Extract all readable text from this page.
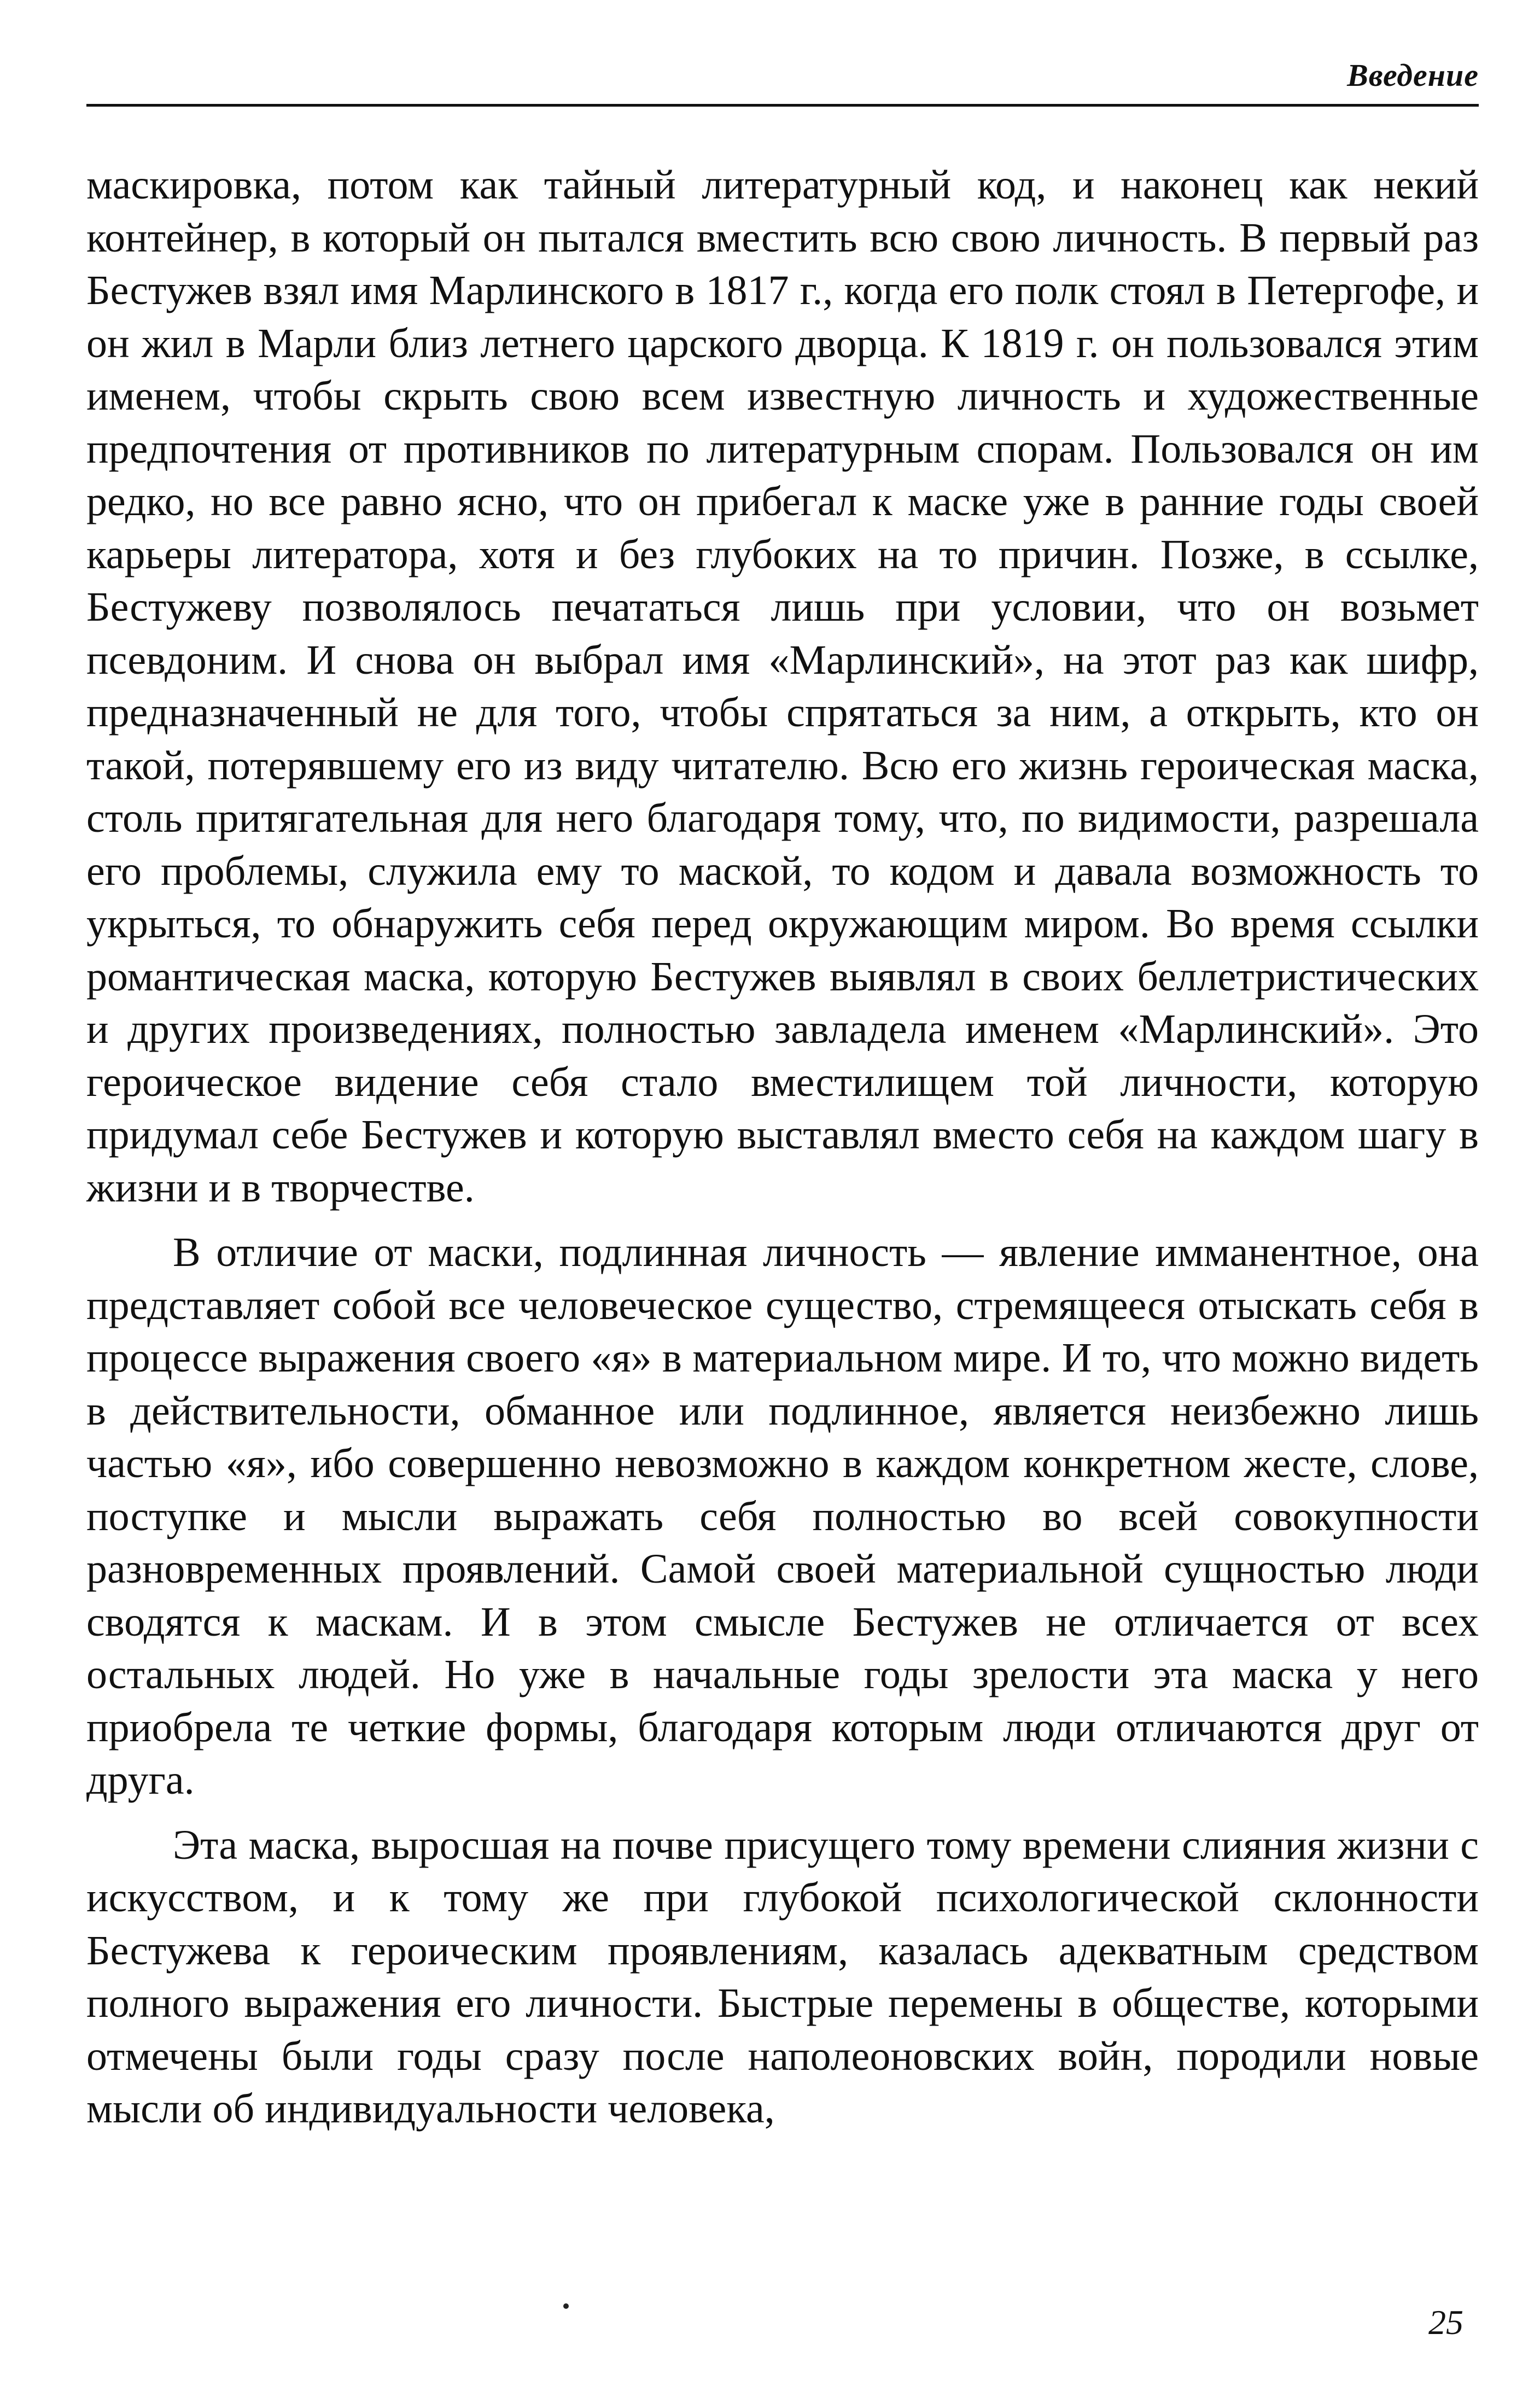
Введение

маскировка, потом как тайный литературный код, и наконец как некий контейнер, в который он пытался вместить всю свою личность. В первый раз Бестужев взял имя Марлинского в 1817 г., когда его полк стоял в Петергофе, и он жил в Марли близ летнего царского дворца. К 1819 г. он пользовался этим именем, чтобы скрыть свою всем известную личность и художественные предпочтения от противников по литературным спорам. Пользовался он им редко, но все равно ясно, что он прибегал к маске уже в ранние годы своей карьеры литератора, хотя и без глубоких на то причин. Позже, в ссылке, Бестужеву позволялось печататься лишь при условии, что он возьмет псевдоним. И снова он выбрал имя «Марлинский», на этот раз как шифр, предназначенный не для того, чтобы спрятаться за ним, а открыть, кто он такой, потерявшему его из виду читателю. Всю его жизнь героическая маска, столь притягательная для него благодаря тому, что, по видимости, разрешала его проблемы, служила ему то маской, то кодом и давала возможность то укрыться, то обнаружить себя перед окружающим миром. Во время ссылки романтическая маска, которую Бестужев выявлял в своих беллетристических и других произведениях, полностью завладела именем «Марлинский». Это героическое видение себя стало вместилищем той личности, которую придумал себе Бестужев и которую выставлял вместо себя на каждом шагу в жизни и в творчестве.

В отличие от маски, подлинная личность — явление имманентное, она представляет собой все человеческое существо, стремящееся отыскать себя в процессе выражения своего «я» в материальном мире. И то, что можно видеть в действительности, обманное или подлинное, является неизбежно лишь частью «я», ибо совершенно невозможно в каждом конкретном жесте, слове, поступке и мысли выражать себя полностью во всей совокупности разновременных проявлений. Самой своей материальной сущностью люди сводятся к маскам. И в этом смысле Бестужев не отличается от всех остальных людей. Но уже в начальные годы зрелости эта маска у него приобрела те четкие формы, благодаря которым люди отличаются друг от друга.

Эта маска, выросшая на почве присущего тому времени слияния жизни с искусством, и к тому же при глубокой психологической склонности Бестужева к героическим проявлениям, казалась адекватным средством полного выражения его личности. Быстрые перемены в обществе, которыми отмечены были годы сразу после наполеоновских войн, породили новые мысли об индивидуальности человека,

25
